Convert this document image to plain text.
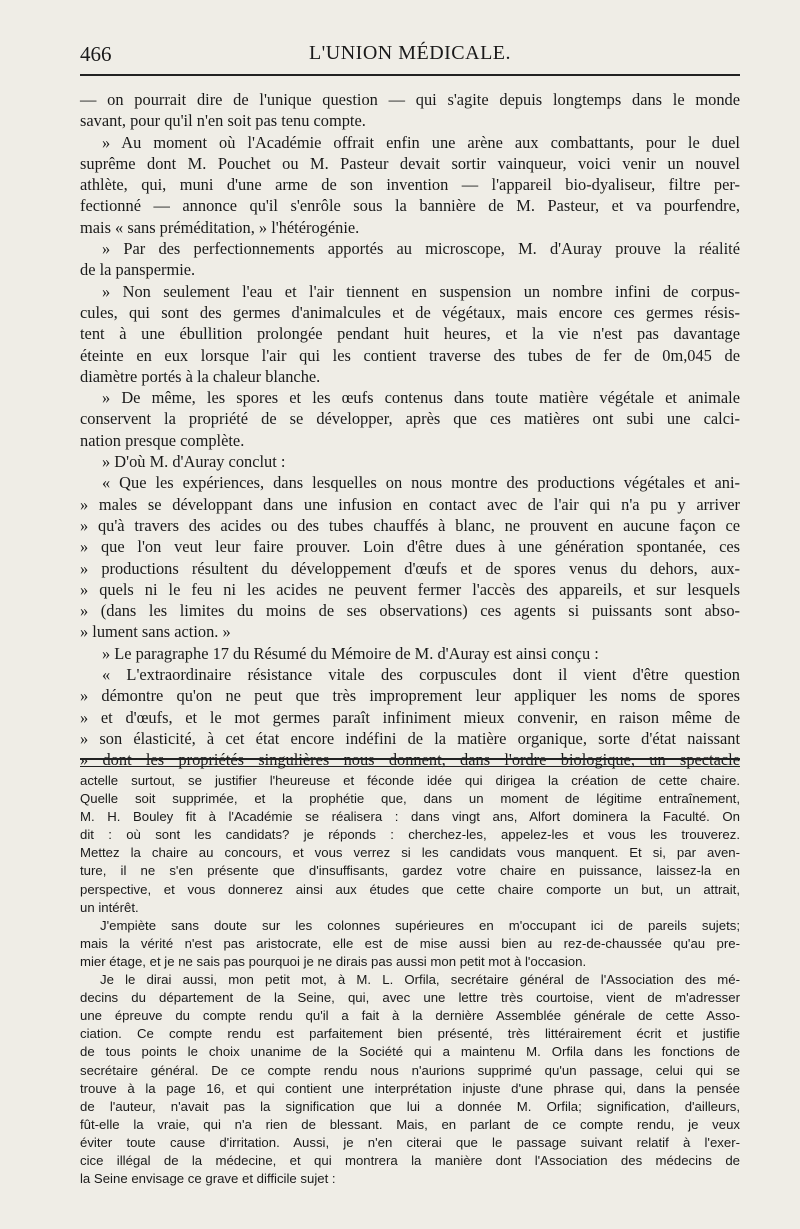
466	L'UNION MÉDICALE.
— on pourrait dire de l'unique question — qui s'agite depuis longtemps dans le monde
savant, pour qu'il n'en soit pas tenu compte.
» Au moment où l'Académie offrait enfin une arène aux combattants, pour le duel
suprême dont M. Pouchet ou M. Pasteur devait sortir vainqueur, voici venir un nouvel
athlète, qui, muni d'une arme de son invention — l'appareil bio-dyaliseur, filtre per-
fectionné — annonce qu'il s'enrôle sous la bannière de M. Pasteur, et va pourfendre,
mais « sans préméditation, » l'hétérogénie.
» Par des perfectionnements apportés au microscope, M. d'Auray prouve la réalité
de la panspermie.
» Non seulement l'eau et l'air tiennent en suspension un nombre infini de corpus-
cules, qui sont des germes d'animalcules et de végétaux, mais encore ces germes résis-
tent à une ébullition prolongée pendant huit heures, et la vie n'est pas davantage
éteinte en eux lorsque l'air qui les contient traverse des tubes de fer de 0m,045 de
diamètre portés à la chaleur blanche.
» De même, les spores et les œufs contenus dans toute matière végétale et animale
conservent la propriété de se développer, après que ces matières ont subi une calci-
nation presque complète.
» D'où M. d'Auray conclut :
« Que les expériences, dans lesquelles on nous montre des productions végétales et ani-
» males se développant dans une infusion en contact avec de l'air qui n'a pu y arriver
» qu'à travers des acides ou des tubes chauffés à blanc, ne prouvent en aucune façon ce
» que l'on veut leur faire prouver. Loin d'être dues à une génération spontanée, ces
» productions résultent du développement d'œufs et de spores venus du dehors, aux-
» quels ni le feu ni les acides ne peuvent fermer l'accès des appareils, et sur lesquels
» (dans les limites du moins de ses observations) ces agents si puissants sont abso-
» lument sans action. »
» Le paragraphe 17 du Résumé du Mémoire de M. d'Auray est ainsi conçu :
« L'extraordinaire résistance vitale des corpuscules dont il vient d'être question
» démontre qu'on ne peut que très improprement leur appliquer les noms de spores
» et d'œufs, et le mot germes paraît infiniment mieux convenir, en raison même de
» son élasticité, à cet état encore indéfini de la matière organique, sorte d'état naissant
» dont les propriétés singulières nous donnent, dans l'ordre biologique, un spectacle
actelle surtout, se justifier l'heureuse et féconde idée qui dirigea la création de cette chaire.
Quelle soit supprimée, et la prophétie que, dans un moment de légitime entraînement,
M. H. Bouley fit à l'Académie se réalisera : dans vingt ans, Alfort dominera la Faculté. On
dit : où sont les candidats? je réponds : cherchez-les, appelez-les et vous les trouverez.
Mettez la chaire au concours, et vous verrez si les candidats vous manquent. Et si, par aven-
ture, il ne s'en présente que d'insuffisants, gardez votre chaire en puissance, laissez-la en
perspective, et vous donnerez ainsi aux études que cette chaire comporte un but, un attrait,
un intérêt.
J'empiète sans doute sur les colonnes supérieures en m'occupant ici de pareils sujets;
mais la vérité n'est pas aristocrate, elle est de mise aussi bien au rez-de-chaussée qu'au pre-
mier étage, et je ne sais pas pourquoi je ne dirais pas aussi mon petit mot à l'occasion.
Je le dirai aussi, mon petit mot, à M. L. Orfila, secrétaire général de l'Association des mé-
decins du département de la Seine, qui, avec une lettre très courtoise, vient de m'adresser
une épreuve du compte rendu qu'il a fait à la dernière Assemblée générale de cette Asso-
ciation. Ce compte rendu est parfaitement bien présenté, très littérairement écrit et justifie
de tous points le choix unanime de la Société qui a maintenu M. Orfila dans les fonctions de
secrétaire général. De ce compte rendu nous n'aurions supprimé qu'un passage, celui qui se
trouve à la page 16, et qui contient une interprétation injuste d'une phrase qui, dans la pensée
de l'auteur, n'avait pas la signification que lui a donnée M. Orfila; signification, d'ailleurs,
fût-elle la vraie, qui n'a rien de blessant. Mais, en parlant de ce compte rendu, je veux
éviter toute cause d'irritation. Aussi, je n'en citerai que le passage suivant relatif à l'exer-
cice illégal de la médecine, et qui montrera la manière dont l'Association des médecins de
la Seine envisage ce grave et difficile sujet :
